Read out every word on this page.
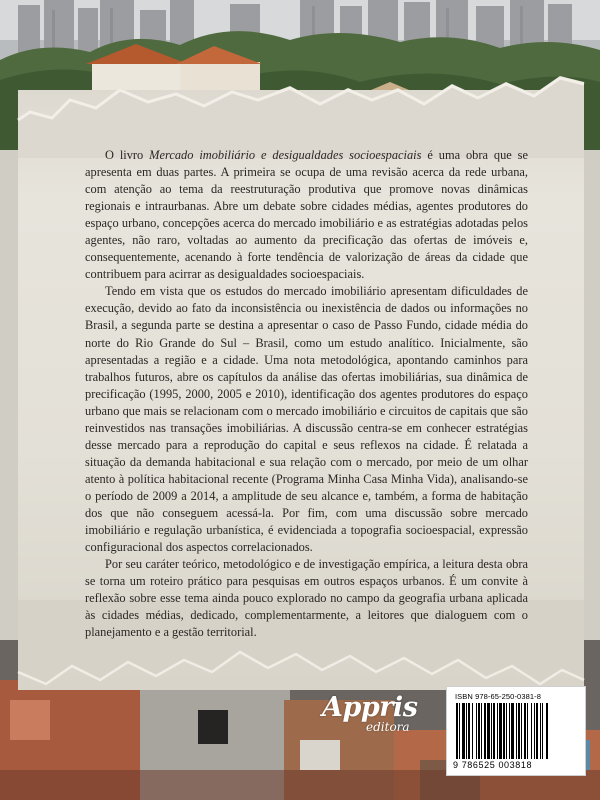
O livro Mercado imobiliário e desigualdades socioespaciais é uma obra que se apresenta em duas partes. A primeira se ocupa de uma revisão acerca da rede urbana, com atenção ao tema da reestruturação produtiva que promove novas dinâmicas regionais e intraurbanas. Abre um debate sobre cidades médias, agentes produtores do espaço urbano, concepções acerca do mercado imobiliário e as estratégias adotadas pelos agentes, não raro, voltadas ao aumento da precificação das ofertas de imóveis e, consequentemente, acenando à forte tendência de valorização de áreas da cidade que contribuem para acirrar as desigualdades socioespaciais.

Tendo em vista que os estudos do mercado imobiliário apresentam dificuldades de execução, devido ao fato da inconsistência ou inexistência de dados ou informações no Brasil, a segunda parte se destina a apresentar o caso de Passo Fundo, cidade média do norte do Rio Grande do Sul – Brasil, como um estudo analítico. Inicialmente, são apresentadas a região e a cidade. Uma nota metodológica, apontando caminhos para trabalhos futuros, abre os capítulos da análise das ofertas imobiliárias, sua dinâmica de precificação (1995, 2000, 2005 e 2010), identificação dos agentes produtores do espaço urbano que mais se relacionam com o mercado imobiliário e circuitos de capitais que são reinvestidos nas transações imobiliárias. A discussão centra-se em conhecer estratégias desse mercado para a reprodução do capital e seus reflexos na cidade. É relatada a situação da demanda habitacional e sua relação com o mercado, por meio de um olhar atento à política habitacional recente (Programa Minha Casa Minha Vida), analisando-se o período de 2009 a 2014, a amplitude de seu alcance e, também, a forma de habitação dos que não conseguem acessá-la. Por fim, com uma discussão sobre mercado imobiliário e regulação urbanística, é evidenciada a topografia socioespacial, expressão configuracional dos aspectos correlacionados.

Por seu caráter teórico, metodológico e de investigação empírica, a leitura desta obra se torna um roteiro prático para pesquisas em outros espaços urbanos. É um convite à reflexão sobre esse tema ainda pouco explorado no campo da geografia urbana aplicada às cidades médias, dedicado, complementarmente, a leitores que dialoguem com o planejamento e a gestão territorial.

Appris
editora
ISBN 978-65-250-0381-8
9 786525 003818
